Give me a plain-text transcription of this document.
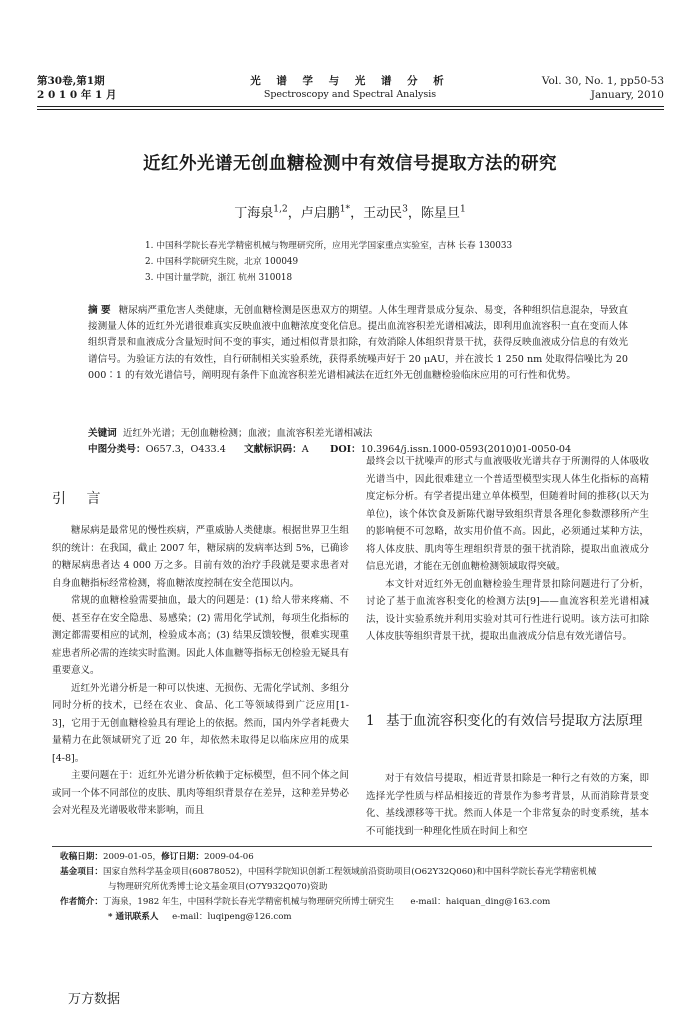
第30卷,第1期
2 0 1 0 年 1 月
光 谱 学 与 光 谱 分 析
Spectroscopy and Spectral Analysis
Vol. 30, No. 1, pp50-53
January, 2010
近红外光谱无创血糖检测中有效信号提取方法的研究
丁海泉$^{1,2}$，卢启鹏$^{1*}$，王动民$^3$，陈星旦$^1$
1. 中国科学院长春光学精密机械与物理研究所，应用光学国家重点实验室，吉林 长春 130033
2. 中国科学院研究生院，北京 100049
3. 中国计量学院，浙江 杭州 310018
摘 要 糖尿病严重危害人类健康，无创血糖检测是医患双方的期望。人体生理背景成分复杂、易变，各种组织信息混杂，导致直接测量人体的近红外光谱很难真实反映血液中血糖浓度变化信息。提出血流容积差光谱相减法，即利用血流容积一直在变而人体组织背景和血液成分含量短时间不变的事实，通过相似背景扣除，有效消除人体组织背景干扰，获得反映血液成分信息的有效光谱信号。为验证方法的有效性，自行研制相关实验系统，获得系统噪声好于 20 μAU，并在波长 1 250 nm 处取得信噪比为 20 000∶1 的有效光谱信号，阐明现有条件下血流容积差光谱相减法在近红外无创血糖检验临床应用的可行性和优势。
关键词 近红外光谱；无创血糖检测；血液；血流容积差光谱相减法
中图分类号：O657.3，O433.4 文献标识码：A DOI：10.3964/j.issn.1000-0593(2010)01-0050-04
引 言

糖尿病是最常见的慢性疾病，严重威胁人类健康。根据世界卫生组织的统计：在我国，截止 2007 年，糖尿病的发病率达到 5%，已确诊的糖尿病患者达 4 000 万之多。目前有效的治疗手段就是要求患者对自身血糖指标经常检测，将血糖浓度控制在安全范围以内。

常规的血糖检验需要抽血，最大的问题是：(1) 给人带来疼痛、不便、甚至存在安全隐患、易感染；(2) 需用化学试剂，每项生化指标的测定都需要相应的试剂，检验成本高；(3) 结果反馈较慢，很难实现重症患者所必需的连续实时监测。因此人体血糖等指标无创检验无疑具有重要意义。

近红外光谱分析是一种可以快速、无损伤、无需化学试剂、多组分同时分析的技术，已经在农业、食品、化工等领域得到广泛应用[1-3]，它用于无创血糖检验具有理论上的依据。然而，国内外学者耗费大量精力在此领域研究了近 20 年，却依然未取得足以临床应用的成果[4-8]。

主要问题在于：近红外光谱分析依赖于定标模型，但不同个体之间或同一个体不同部位的皮肤、肌肉等组织背景存在差异，这种差异势必会对光程及光谱吸收带来影响，而且

最终会以干扰噪声的形式与血液吸收光谱共存于所测得的人体吸收光谱当中，因此很难建立一个普适型模型实现人体生化指标的高精度定标分析。有学者提出建立单体模型，但随着时间的推移(以天为单位)，该个体饮食及新陈代谢导致组织背景各理化参数漂移所产生的影响便不可忽略，故实用价值不高。因此，必须通过某种方法，将人体皮肤、肌肉等生理组织背景的强干扰消除，提取出血液成分信息光谱，才能在无创血糖检测领域取得突破。

本文针对近红外无创血糖检验生理背景扣除问题进行了分析，讨论了基于血流容积变化的检测方法[9]——血流容积差光谱相减法，设计实验系统并利用实验对其可行性进行说明。该方法可扣除人体皮肤等组织背景干扰，提取出血液成分信息有效光谱信号。

1 基于血流容积变化的有效信号提取方法原理

对于有效信号提取，相近背景扣除是一种行之有效的方案，即选择光学性质与样品相接近的背景作为参考背景，从而消除背景变化、基线漂移等干扰。然而人体是一个非常复杂的时变系统，基本不可能找到一种理化性质在时间上和空

收稿日期：2009-01-05，修订日期：2009-04-06
基金项目：国家自然科学基金项目(60878052)，中国科学院知识创新工程领域前沿资助项目(O62Y32Q060)和中国科学院长春光学精密机械
与物理研究所优秀博士论文基金项目(O7Y932Q070)资助
作者简介：丁海泉，1982 年生，中国科学院长春光学精密机械与物理研究所博士研究生 e-mail：haiquan_ding@163.com
* 通讯联系人 e-mail：luqipeng@126.com
万方数据
